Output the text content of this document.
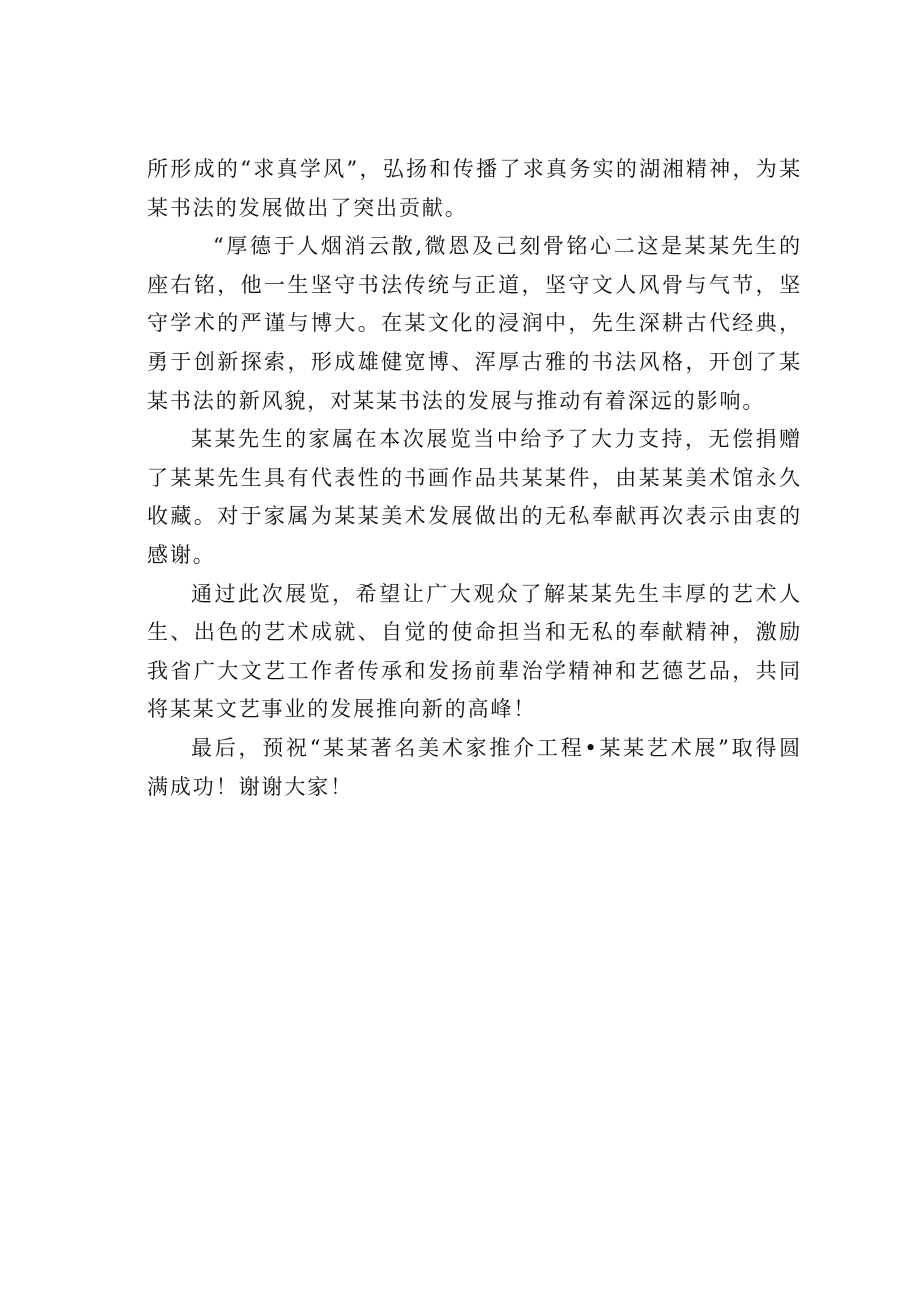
所形成的“求真学风”，弘扬和传播了求真务实的湖湘精神，为某某书法的发展做出了突出贡献。

“厚德于人烟消云散,微恩及己刻骨铭心二这是某某先生的座右铭，他一生坚守书法传统与正道，坚守文人风骨与气节，坚守学术的严谨与博大。在某文化的浸润中，先生深耕古代经典，勇于创新探索，形成雄健宽博、浑厚古雅的书法风格，开创了某某书法的新风貌，对某某书法的发展与推动有着深远的影响。

某某先生的家属在本次展览当中给予了大力支持，无偿捐赠了某某先生具有代表性的书画作品共某某件，由某某美术馆永久收藏。对于家属为某某美术发展做出的无私奉献再次表示由衷的感谢。

通过此次展览，希望让广大观众了解某某先生丰厚的艺术人生、出色的艺术成就、自觉的使命担当和无私的奉献精神，激励我省广大文艺工作者传承和发扬前辈治学精神和艺德艺品，共同将某某文艺事业的发展推向新的高峰！

最后，预祝“某某著名美术家推介工程•某某艺术展”取得圆满成功！谢谢大家！
